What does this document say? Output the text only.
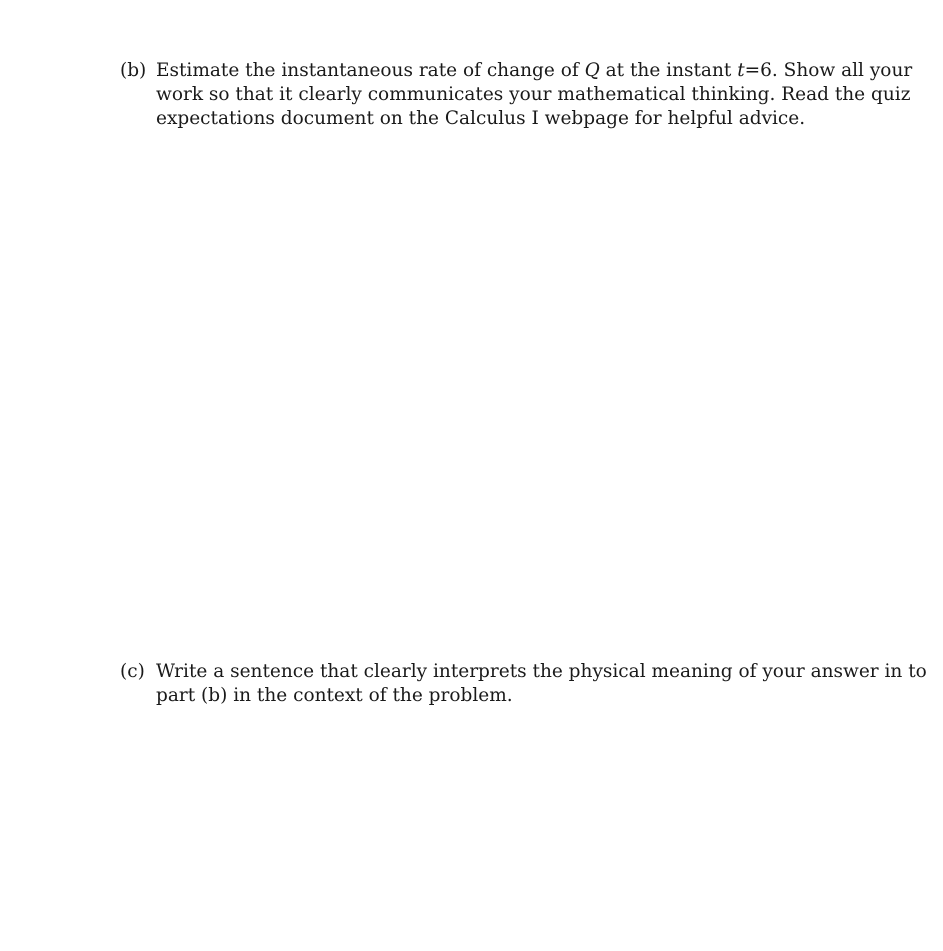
(b) Estimate the instantaneous rate of change of Q at the instant t=6. Show all your
work so that it clearly communicates your mathematical thinking. Read the quiz
expectations document on the Calculus I webpage for helpful advice.
(c) Write a sentence that clearly interprets the physical meaning of your answer in to
part (b) in the context of the problem.
